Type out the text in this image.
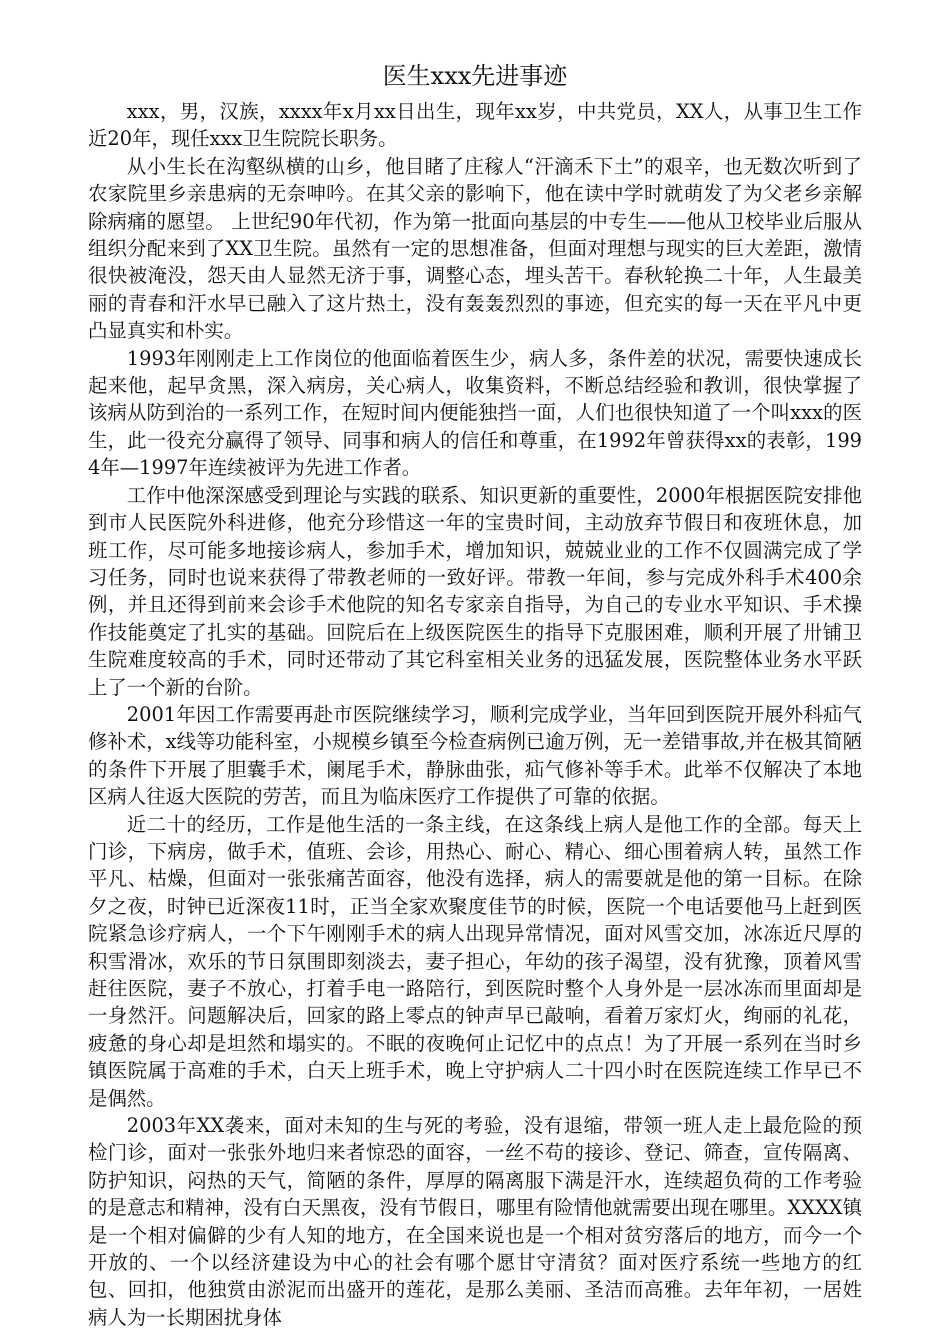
医生xxx先进事迹

xxx，男，汉族，xxxx年x月xx日出生，现年xx岁，中共党员，XX人，从事卫生工作近20年，现任xxx卫生院院长职务。

从小生长在沟壑纵横的山乡，他目睹了庄稼人“汗滴禾下土”的艰辛，也无数次听到了农家院里乡亲患病的无奈呻吟。在其父亲的影响下，他在读中学时就萌发了为父老乡亲解除病痛的愿望。 上世纪90年代初，作为第一批面向基层的中专生——他从卫校毕业后服从组织分配来到了XX卫生院。虽然有一定的思想准备，但面对理想与现实的巨大差距，激情很快被淹没，怨天由人显然无济于事，调整心态，埋头苦干。春秋轮换二十年，人生最美丽的青春和汗水早已融入了这片热土，没有轰轰烈烈的事迹，但充实的每一天在平凡中更凸显真实和朴实。

1993年刚刚走上工作岗位的他面临着医生少，病人多，条件差的状况，需要快速成长起来他，起早贪黑，深入病房，关心病人，收集资料，不断总结经验和教训，很快掌握了该病从防到治的一系列工作，在短时间内便能独挡一面，人们也很快知道了一个叫xxx的医生，此一役充分赢得了领导、同事和病人的信任和尊重，在1992年曾获得xx的表彰，1994年—1997年连续被评为先进工作者。

工作中他深深感受到理论与实践的联系、知识更新的重要性，2000年根据医院安排他到市人民医院外科进修，他充分珍惜这一年的宝贵时间，主动放弃节假日和夜班休息，加班工作，尽可能多地接诊病人，参加手术，增加知识，兢兢业业的工作不仅圆满完成了学习任务，同时也说来获得了带教老师的一致好评。带教一年间，参与完成外科手术400余例，并且还得到前来会诊手术他院的知名专家亲自指导，为自己的专业水平知识、手术操作技能奠定了扎实的基础。回院后在上级医院医生的指导下克服困难，顺利开展了卅铺卫生院难度较高的手术，同时还带动了其它科室相关业务的迅猛发展，医院整体业务水平跃上了一个新的台阶。

2001年因工作需要再赴市医院继续学习，顺利完成学业，当年回到医院开展外科疝气修补术，x线等功能科室，小规模乡镇至今检查病例已逾万例，无一差错事故,并在极其简陋的条件下开展了胆囊手术，阑尾手术，静脉曲张，疝气修补等手术。此举不仅解决了本地区病人往返大医院的劳苦，而且为临床医疗工作提供了可靠的依据。

近二十的经历，工作是他生活的一条主线，在这条线上病人是他工作的全部。每天上门诊，下病房，做手术，值班、会诊，用热心、耐心、精心、细心围着病人转，虽然工作平凡、枯燥，但面对一张张痛苦面容，他没有选择，病人的需要就是他的第一目标。在除夕之夜，时钟已近深夜11时，正当全家欢聚度佳节的时候，医院一个电话要他马上赶到医院紧急诊疗病人，一个下午刚刚手术的病人出现异常情况，面对风雪交加，冰冻近尺厚的积雪滑冰，欢乐的节日氛围即刻淡去，妻子担心，年幼的孩子渴望，没有犹豫，顶着风雪赶往医院，妻子不放心，打着手电一路陪行，到医院时整个人身外是一层冰冻而里面却是一身然汗。问题解决后，回家的路上零点的钟声早已敲响，看着万家灯火，绚丽的礼花，疲惫的身心却是坦然和塌实的。不眠的夜晚何止记忆中的点点！为了开展一系列在当时乡镇医院属于高难的手术，白天上班手术，晚上守护病人二十四小时在医院连续工作早已不是偶然。

2003年XX袭来，面对未知的生与死的考验，没有退缩，带领一班人走上最危险的预检门诊，面对一张张外地归来者惊恐的面容，一丝不苟的接诊、登记、筛查，宣传隔离、防护知识，闷热的天气，简陋的条件，厚厚的隔离服下满是汗水，连续超负荷的工作考验的是意志和精神，没有白天黑夜，没有节假日，哪里有险情他就需要出现在哪里。XXXX镇是一个相对偏僻的少有人知的地方，在全国来说也是一个相对贫穷落后的地方，而今一个开放的、一个以经济建设为中心的社会有哪个愿甘守清贫？面对医疗系统一些地方的红包、回扣，他独赏由淤泥而出盛开的莲花，是那么美丽、圣洁而高雅。去年年初，一居姓病人为一长期困扰身体
